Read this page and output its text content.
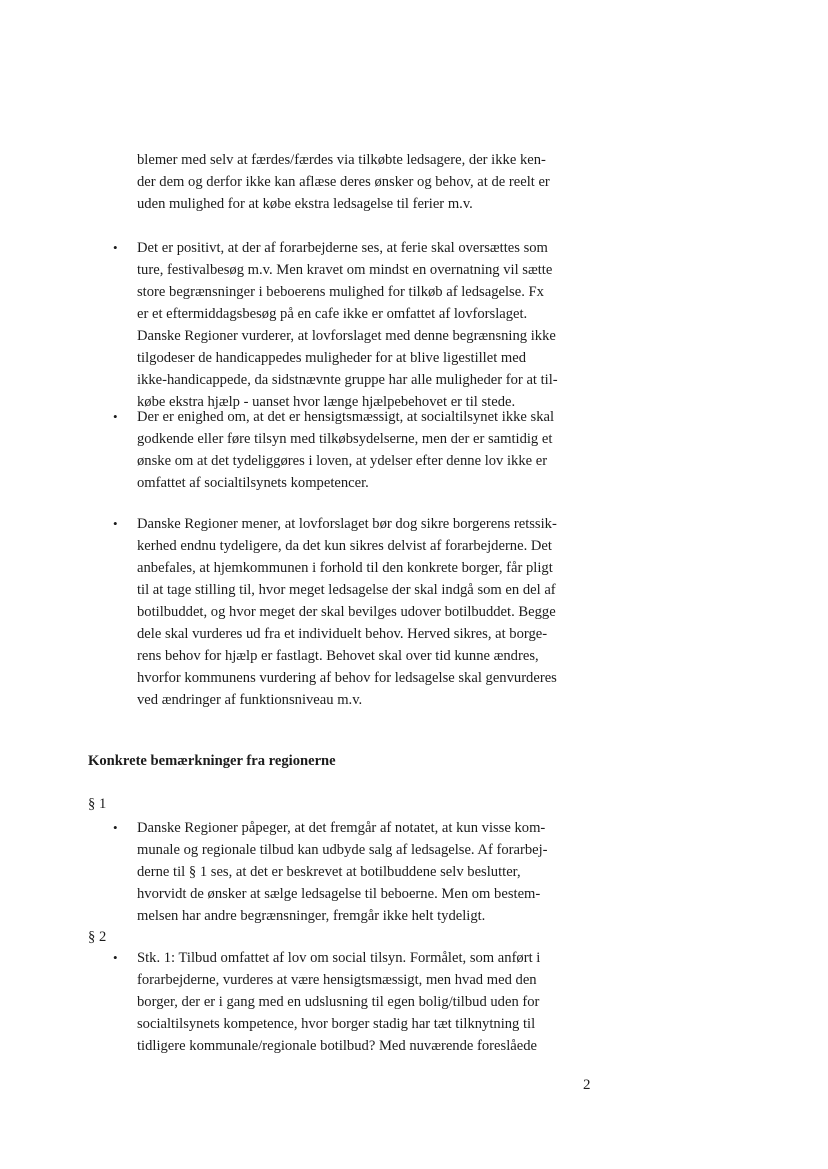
blemer med selv at færdes/færdes via tilkøbte ledsagere, der ikke ken-
der dem og derfor ikke kan aflæse deres ønsker og behov, at de reelt er
uden mulighed for at købe ekstra ledsagelse til ferier m.v.
• Det er positivt, at der af forarbejderne ses, at ferie skal oversættes som
ture, festivalbesøg m.v. Men kravet om mindst en overnatning vil sætte
store begrænsninger i beboerens mulighed for tilkøb af ledsagelse. Fx
er et eftermiddagsbesøg på en cafe ikke er omfattet af lovforslaget.
Danske Regioner vurderer, at lovforslaget med denne begrænsning ikke
tilgodeser de handicappedes muligheder for at blive ligestillet med
ikke-handicappede, da sidstnævnte gruppe har alle muligheder for at til-
købe ekstra hjælp - uanset hvor længe hjælpebehovet er til stede.
• Der er enighed om, at det er hensigtsmæssigt, at socialtilsynet ikke skal
godkende eller føre tilsyn med tilkøbsydelserne, men der er samtidig et
ønske om at det tydeliggøres i loven, at ydelser efter denne lov ikke er
omfattet af socialtilsynets kompetencer.
• Danske Regioner mener, at lovforslaget bør dog sikre borgerens retssik-
kerhed endnu tydeligere, da det kun sikres delvist af forarbejderne. Det
anbefales, at hjemkommunen i forhold til den konkrete borger, får pligt
til at tage stilling til, hvor meget ledsagelse der skal indgå som en del af
botilbuddet, og hvor meget der skal bevilges udover botilbuddet. Begge
dele skal vurderes ud fra et individuelt behov. Herved sikres, at borge-
rens behov for hjælp er fastlagt. Behovet skal over tid kunne ændres,
hvorfor kommunens vurdering af behov for ledsagelse skal genvurderes
ved ændringer af funktionsniveau m.v.
Konkrete bemærkninger fra regionerne
§ 1
• Danske Regioner påpeger, at det fremgår af notatet, at kun visse kom-
munale og regionale tilbud kan udbyde salg af ledsagelse. Af forarbej-
derne til § 1 ses, at det er beskrevet at botilbuddene selv beslutter,
hvorvidt de ønsker at sælge ledsagelse til beboerne. Men om bestem-
melsen har andre begrænsninger, fremgår ikke helt tydeligt.
§ 2
• Stk. 1: Tilbud omfattet af lov om social tilsyn. Formålet, som anført i
forarbejderne, vurderes at være hensigtsmæssigt, men hvad med den
borger, der er i gang med en udslusning til egen bolig/tilbud uden for
socialtilsynets kompetence, hvor borger stadig har tæt tilknytning til
tidligere kommunale/regionale botilbud? Med nuværende foreslåede
2
